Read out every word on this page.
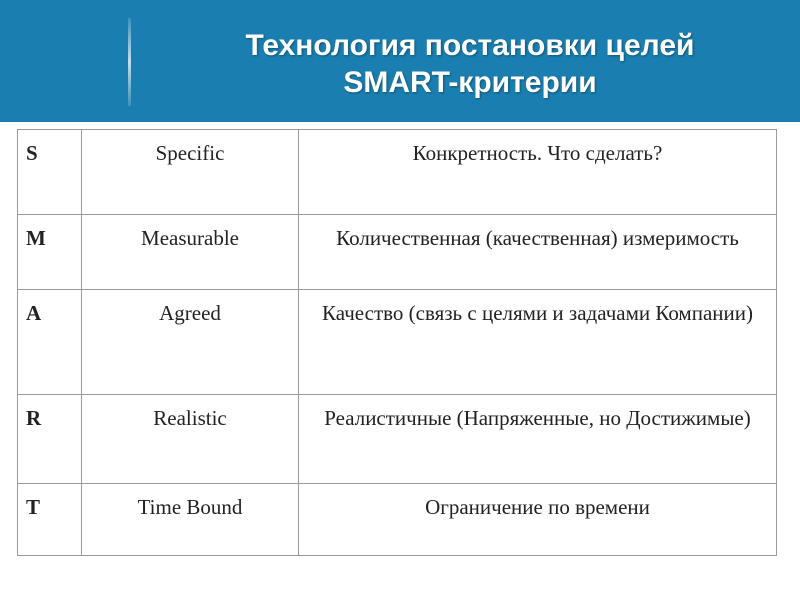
Технология постановки целей
SMART-критерии
S	Specific	Конкретность. Что сделать?
M	Measurable	Количественная (качественная) измеримость
A	Agreed	Качество (связь с целями и задачами Компании)
R	Realistic	Реалистичные (Напряженные, но Достижимые)
T	Time Bound	Ограничение по времени
